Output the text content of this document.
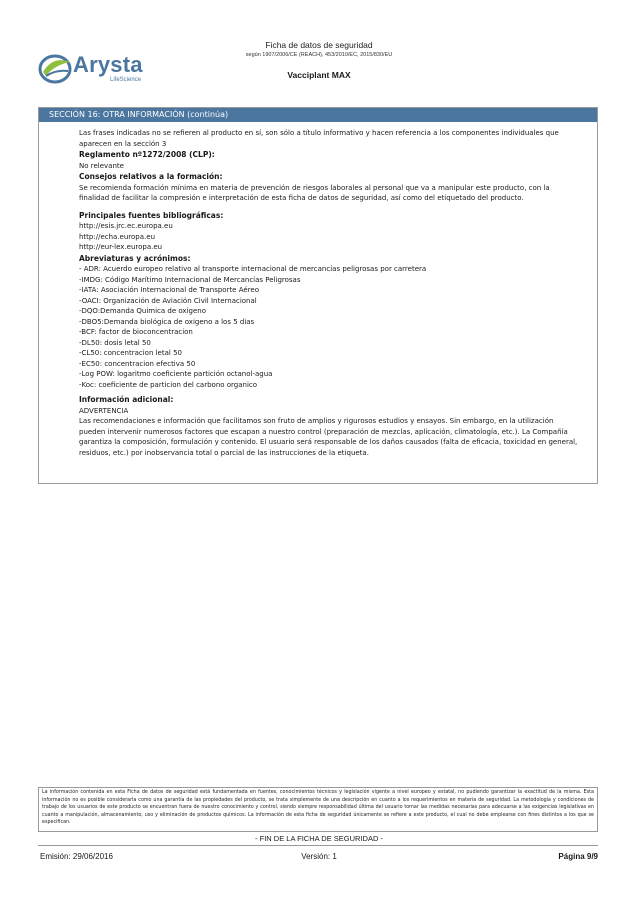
Arysta
LifeScience
Ficha de datos de seguridad
según 1907/2006/CE (REACH), 453/2010/EC, 2015/830/EU
Vacciplant MAX
SECCIÓN 16: OTRA INFORMACIÓN (continúa)

Las frases indicadas no se refieren al producto en sí, son sólo a título informativo y hacen referencia a los componentes individuales que aparecen en la sección 3

Reglamento nº1272/2008 (CLP):

No relevante

Consejos relativos a la formación:

Se recomienda formación mínima en materia de prevención de riesgos laborales al personal que va a manipular este producto, con la finalidad de facilitar la compresión e interpretación de esta ficha de datos de seguridad, así como del etiquetado del producto.

Principales fuentes bibliográficas:

http://esis.jrc.ec.europa.eu

http://echa.europa.eu

http://eur-lex.europa.eu

Abreviaturas y acrónimos:

- ADR: Acuerdo europeo relativo al transporte internacional de mercancías peligrosas por carretera

-IMDG: Código Marítimo Internacional de Mercancías Peligrosas

-IATA: Asociación Internacional de Transporte Aéreo

-OACI: Organización de Aviación Civil Internacional

-DQO:Demanda Quimica de oxigeno

-DBO5:Demanda biológica de oxigeno a los 5 dias

-BCF: factor de bioconcentracion

-DL50: dosis letal 50

-CL50: concentracion letal 50

-EC50: concentracion efectiva 50

-Log POW: logaritmo coeficiente partición octanol-agua

-Koc: coeficiente de particion del carbono organico

Información adicional:

ADVERTENCIA

Las recomendaciones e información que facilitamos son fruto de amplios y rigurosos estudios y ensayos. Sin embargo, en la utilización pueden intervenir numerosos factores que escapan a nuestro control (preparación de mezclas, aplicación, climatología, etc.). La Compañía garantiza la composición, formulación y contenido. El usuario será responsable de los daños causados (falta de eficacia, toxicidad en general, residuos, etc.) por inobservancia total o parcial de las instrucciones de la etiqueta.

La información contenida en esta Ficha de datos de seguridad está fundamentada en fuentes, conocimientos técnicos y legislación vigente a nivel europeo y estatal, no pudiendo garantizar la exactitud de la misma. Esta información no es posible considerarla como una garantía de las propiedades del producto, se trata simplemente de una descripción en cuanto a los requerimientos en materia de seguridad. La metodología y condiciones de trabajo de los usuarios de este producto se encuentran fuera de nuestro conocimiento y control, siendo siempre responsabilidad última del usuario tomar las medidas necesarias para adecuarse a las exigencias legislativas en cuanto a manipulación, almacenamiento, uso y eliminación de productos químicos. La información de esta ficha de seguridad únicamente se refiere a este producto, el cual no debe emplearse con fines distintos a los que se especifican.
- FIN DE LA FICHA DE SEGURIDAD -
Emisión: 29/06/2016	Versión: 1	Página 9/9
